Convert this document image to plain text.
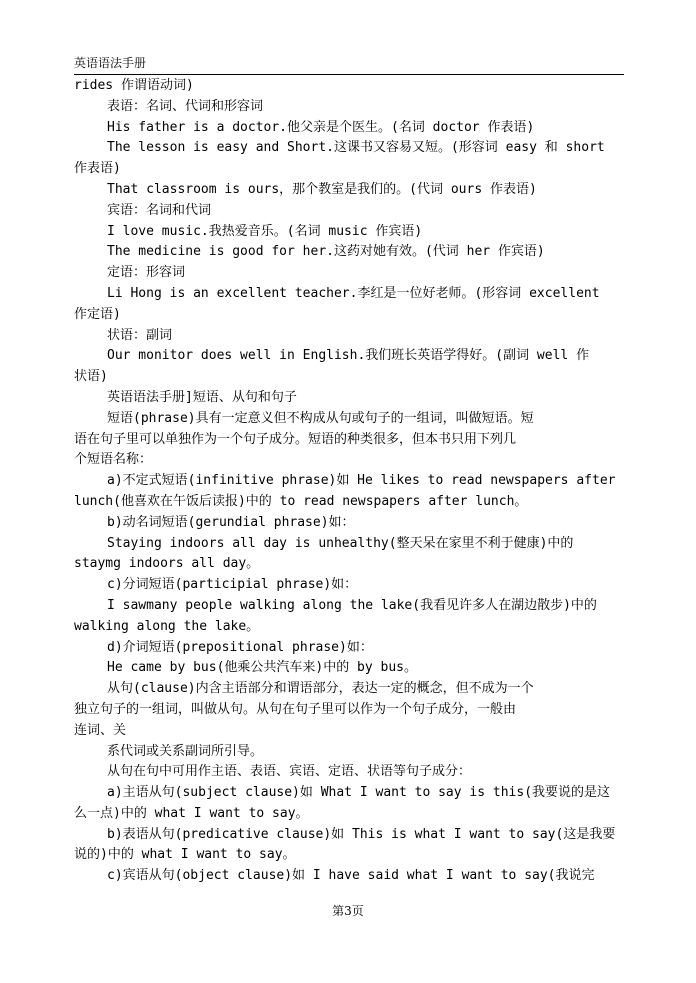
英语语法手册
rides 作谓语动词)
表语：名词、代词和形容词
His father is a doctor.他父亲是个医生。(名词 doctor 作表语)
The lesson is easy and Short.这课书又容易又短。(形容词 easy 和 short
作表语)
That classroom is ours，那个教室是我们的。(代词 ours 作表语)
宾语：名词和代词
I love music.我热爱音乐。(名词 music 作宾语)
The medicine is good for her.这药对她有效。(代词 her 作宾语)
定语：形容词
Li Hong is an excellent teacher.李红是一位好老师。(形容词 excellent
作定语)
状语：副词
Our monitor does well in English.我们班长英语学得好。(副词 well 作
状语)
英语语法手册]短语、从句和句子
短语(phrase)具有一定意义但不构成从句或句子的一组词，叫做短语。短
语在句子里可以单独作为一个句子成分。短语的种类很多，但本书只用下列几
个短语名称：
a)不定式短语(infinitive phrase)如 He likes to read newspapers after
lunch(他喜欢在午饭后读报)中的 to read newspapers after lunch。
b)动名词短语(gerundial phrase)如：
Staying indoors all day is unhealthy(整天呆在家里不利于健康)中的
staymg indoors all day。
c)分词短语(participial phrase)如：
I sawmany people walking along the lake(我看见许多人在湖边散步)中的
walking along the lake。
d)介词短语(prepositional phrase)如：
He came by bus(他乘公共汽车来)中的 by bus。
从句(clause)内含主语部分和谓语部分，表达一定的概念，但不成为一个
独立句子的一组词，叫做从句。从句在句子里可以作为一个句子成分，一般由
连词、关
系代词或关系副词所引导。
从句在句中可用作主语、表语、宾语、定语、状语等句子成分：
a)主语从句(subject clause)如 What I want to say is this(我要说的是这
么一点)中的 what I want to say。
b)表语从句(predicative clause)如 This is what I want to say(这是我要
说的)中的 what I want to say。
c)宾语从句(object clause)如 I have said what I want to say(我说完
第3页
